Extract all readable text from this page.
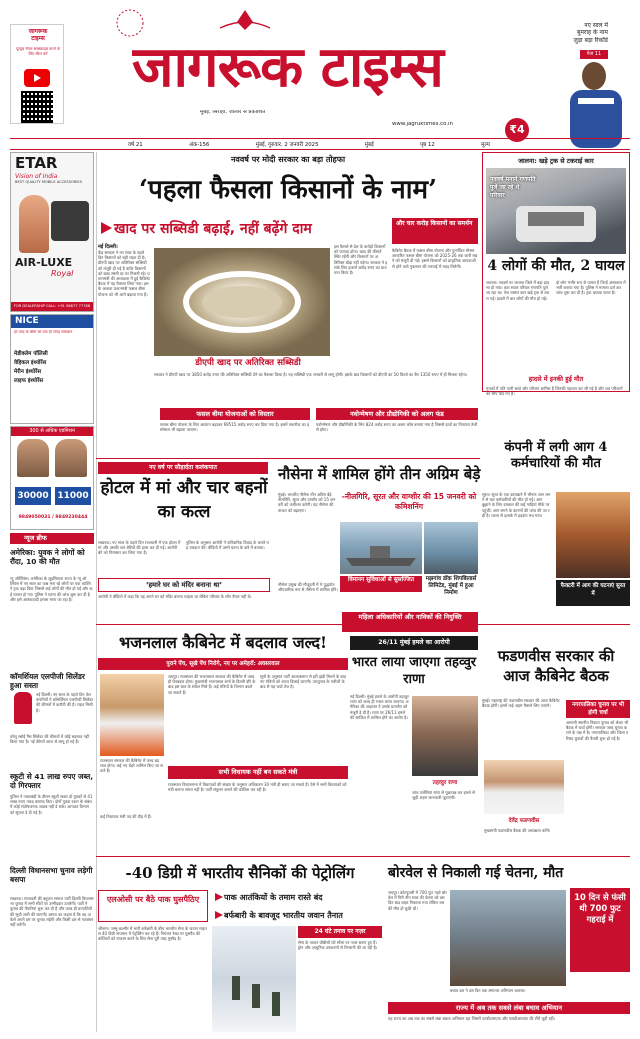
जागरूक
टाइम्स
यूट्यूब चैनल सब्सक्राइब करने के लिए स्कैन करें जागरूक टाइम्स
मुंबई, सिरोही, जालोर से प्रकाशित
www.jagruktimes.co.in	₹4
नए साल में
बुमराह के नाम
जुड़ा बड़ा रिकॉर्ड
पेज 11
वर्ष 21	अंक-156	मुंबई, गुरुवार, 2 जनवरी 2025	मुंबई	पृष्ठ 12	मूल्य
ETAR
Vision of India
BEST QUALITY MOBILE ACCESSORIES
AIR-LUXE
Royal
FOR DEALERSHIP CALL: +91 98677 77788
NICE
हर तरह के बीमा का एक ही जगह समाधान
मेडीक्लेम पॉलिसी
वेहिकल इंश्योरेंस
मेरीन इंश्योरेंस
लाइफ इंश्योरेंस
300 से अधिक एडमिशन
30000 11000
9849050031 / 9849230444
न्यूज ब्रीफ
अमेरिका: युवक ने लोगों को रौंदा, 10 की मौत
न्यू ऑर्लियंस। अमेरिका के लुइसियाना राज्य के न्यू ऑर्लियंस में नए साल का जश्न मना रहे लोगों पर एक व्यक्ति ने ट्रक चढ़ा दिया जिससे कई लोगों की मौत हो गई और कई घायल हो गए। पुलिस ने घटना की जांच शुरू कर दी है और इसे आतंकवादी हमला माना जा रहा है।
कॉमर्शियल एलपीजी सिलेंडर हुआ सस्ता
नई दिल्ली। नए साल के पहले दिन तेल कंपनियों ने कॉमर्शियल एलपीजी सिलेंडर की कीमतों में कटौती की है। राहत मिली है।
घरेलू रसोई गैस सिलेंडर की कीमतों में कोई बदलाव नहीं किया गया है। नई कीमतें आज से लागू हो गई हैं।
स्कूटी से 41 लाख रुपए जब्त, दो गिरफ्तार
पुलिस ने नाकाबंदी के दौरान स्कूटी सवार दो युवकों से 41 लाख रुपए नकद बरामद किए। दोनों युवक रकम के संबंध में कोई संतोषजनक जवाब नहीं दे सके। आयकर विभाग को सूचना दे दी गई है।
दिल्ली विधानसभा चुनाव लड़ेगी बसपा
लखनऊ। मायावती की बहुजन समाज पार्टी दिल्ली विधानसभा चुनाव में सभी सीटों पर उम्मीदवार उतारेगी। पार्टी ने चुनाव की तैयारियां शुरू कर दी हैं और जल्द ही प्रत्याशियों की सूची जारी की जाएगी। बसपा का कहना है कि वह अकेले अपने दम पर चुनाव लड़ेगी और किसी दल से गठबंधन नहीं करेगी।
नववर्ष पर मोदी सरकार का बड़ा तोहफा
‘पहला फैसला किसानों के नाम’
खाद पर सब्सिडी बढ़ाई, नहीं बढ़ेंगे दाम	और चार करोड़ किसानों का समर्थन
नई दिल्ली।
केंद्र सरकार ने नए साल के पहले दिन किसानों को बड़ी राहत दी है। डीएपी खाद पर अतिरिक्त सब्सिडी को मंजूरी दी गई है ताकि किसानों को खाद सस्ती दर पर मिलती रहे। प्रधानमंत्री की अध्यक्षता में हुई कैबिनेट बैठक में यह फैसला लिया गया। इसके अलावा प्रधानमंत्री फसल बीमा योजना को भी आगे बढ़ाया गया है।
डीएपी खाद पर अतिरिक्त सब्सिडी
इस फैसले से देश के करोड़ों किसानों को फायदा होगा। खाद की कीमतें स्थिर रहेंगी और किसानों पर अतिरिक्त बोझ नहीं पड़ेगा। सरकार ने इसके लिए हजारों करोड़ रुपए का प्रावधान किया है।
कैबिनेट बैठक में फसल बीमा योजना और पुनर्गठित मौसम आधारित फसल बीमा योजना को 2025-26 तक जारी रखने को मंजूरी दी गई। इससे किसानों को प्राकृतिक आपदाओं से होने वाले नुकसान की भरपाई में मदद मिलेगी।
सरकार ने डीएपी खाद पर 3850 करोड़ रुपए की अतिरिक्त सब्सिडी देने का फैसला किया है। यह सब्सिडी एक जनवरी से लागू होगी। इसके बाद किसानों को डीएपी का 50 किलो का बैग 1350 रुपए में ही मिलता रहेगा।
फसल बीमा योजनाओं को विस्तार	नवोन्मेषण और प्रौद्योगिकी को अलग फंड
फसल बीमा योजना के लिए आवंटन बढ़ाकर 69515 करोड़ रुपए कर दिया गया है। इसमें तकनीक का इस्तेमाल भी बढ़ाया जाएगा।
नवोन्मेषण और प्रौद्योगिकी के लिए 824 करोड़ रुपए का अलग कोष बनाया गया है जिससे दावों का निपटारा तेजी से होगा।
जालना: खड़े ट्रक से टकराई कार
नववर्ष मनाने गणपति पुले जा रहे थे परिवार
4 लोगों की मौत, 2 घायल
जालना। नववर्ष पर जालना जिले में बड़ा हादसा हो गया। कार सवार परिवार गणपति पुले जा रहा था। तेज रफ्तार कार खड़े ट्रक से टकरा गई। हादसे में चार लोगों की मौत हो गई।
दो लोग गंभीर रूप से घायल हैं जिन्हें अस्पताल में भर्ती कराया गया है। पुलिस ने मामला दर्ज कर जांच शुरू कर दी है। ट्रक चालक फरार है।
हादसे में इनकी हुई मौत
मृतकों में पति पत्नी बच्चे और परिजन शामिल हैं जिनकी पहचान कर ली गई है और शव परिजनों को सौंप दिए गए हैं।
नए वर्ष पर सौहार्दता कलंकपात
होटल में मां और चार बहनों का कत्ल
लखनऊ। नए साल के पहले दिन राजधानी में एक होटल में मां और उसकी चार बेटियों की हत्या कर दी गई। आरोपी बेटे को गिरफ्तार कर लिया गया है।
पुलिस के अनुसार आरोपी ने पारिवारिक विवाद के चलते यह वारदात की। वीडियो में उसने घटना के बारे में बताया।
‘हमारे घर को मंदिर बनाना था’
आरोपी ने वीडियो में कहा कि वह अपने घर को मंदिर बनाना चाहता था लेकिन परिवार के लोग तैयार नहीं थे।
नौसेना में शामिल होंगे तीन अग्रिम बेड़े
मुंबई। भारतीय नौसेना तीन अग्रिम बेड़े नीलगिरि, सूरत और वाग्शीर को 15 जनवरी को कमीशन करेगी। यह नौसेना की ताकत को बढ़ाएगा।
-नीलगिरि, सूरत और वाग्शीर की 15 जनवरी को कमिशनिंग
विमानन सुविधाओं से सुसज्जित	मझगांव डॉक शिपबिल्डर्स लिमिटेड, मुंबई में हुआ निर्माण
नौसेना प्रमुख की मौजूदगी में ये युद्धपोत औपचारिक रूप से नौसेना में शामिल होंगे।
महिला अधिकारियों और नाविकों की नियुक्ति
कंपनी में लगी आग 4 कर्मचारियों की मौत
सूरत। सूरत के एक कारखाने में भीषण आग लगने से चार कर्मचारियों की मौत हो गई। आग बुझाने के लिए दमकल की कई गाड़ियां मौके पर पहुंचीं। आग लगने के कारणों की जांच की जा रही है। घटना से इलाके में हड़कंप मच गया।
फैक्टरी में आग की घटनाएं सुरत में
भजनलाल कैबिनेट में बदलाव जल्द!
पुराने पेंच, सूखे पेंच निरोगे, नए पर अमेहरों: अवसरवाल
राजस्थान सरकार की कैबिनेट में जल्द बदलाव होगा। कई नए चेहरे शामिल किए जा सकते हैं।
जयपुर। राजस्थान की भजनलाल सरकार की कैबिनेट में जल्द ही फेरबदल होगा। मुख्यमंत्री भजनलाल शर्मा के दिल्ली दौरे के बाद इस बात के संकेत मिले हैं। कई मंत्रियों के विभाग बदले जा सकते हैं।
सूत्रों के अनुसार पार्टी आलाकमान से हरी झंडी मिलने के बाद नए मंत्रियों को शपथ दिलाई जाएगी। उपचुनाव के नतीजों के बाद से यह चर्चा तेज है।
सभी विधायक नहीं बन सकते मंत्री
राजस्थान विधानसभा में विधायकों की संख्या के अनुसार अधिकतम 30 मंत्री ही बनाए जा सकते हैं। ऐसे में सभी विधायकों को मंत्री बनाना संभव नहीं है। पार्टी संतुलन बनाने की कोशिश कर रही है।
कई विधायक मंत्री पद की दौड़ में हैं।
26/11 मुंबई हमले का आरोपी
भारत लाया जाएगा तहव्वुर राणा
नई दिल्ली। मुंबई हमले के आरोपी तहव्वुर राणा को जल्द ही भारत लाया जाएगा। अमेरिका की अदालत ने उसके प्रत्यर्पण को मंजूरी दे दी है। राणा पर 26/11 हमले की साजिश में शामिल होने का आरोप है।
तहव्वुर राणा
जांच एजेंसियां राणा से पूछताछ कर हमले से जुड़ी अहम जानकारी जुटाएंगी।
फडणवीस सरकार की आज कैबिनेट बैठक
मुंबई। महाराष्ट्र की फडणवीस सरकार की आज कैबिनेट बैठक होगी। इसमें कई अहम फैसले लिए जाएंगे।	नगरपालिका चुनाव पर भी होगी चर्चा
आगामी स्थानीय निकाय चुनाव को लेकर भी बैठक में चर्चा होगी। सरकार जल्द चुनाव कराने के पक्ष में है। नगरपालिका और जिला परिषद चुनावों की तैयारी शुरू हो गई है।
देवेंद्र फडणवीस
मुख्यमंत्री फडणवीस बैठक की अध्यक्षता करेंगे।
-40 डिग्री में भारतीय सैनिकों की पेट्रोलिंग
एलओसी पर बैठे पाक घुसपैठिए	पाक आतंकियों के तमाम रास्ते बंद
बर्फबारी के बावजूद भारतीय जवान तैनात
श्रीनगर। जम्मू-कश्मीर में भारी बर्फबारी के बीच भारतीय सेना के जवान माइनस 40 डिग्री तापमान में पेट्रोलिंग कर रहे हैं। नियंत्रण रेखा पर घुसपैठ की कोशिशों को नाकाम करने के लिए सेना पूरी तरह मुस्तैद है।
24 घंटे तनाव पर नज़र
सेना के जवान चौबीसों घंटे सीमा पर नजर बनाए हुए हैं। ड्रोन और आधुनिक उपकरणों से निगरानी की जा रही है।
बोरवेल से निकाली गई चेतना, मौत
जयपुर। कोटपूतली में 700 फुट गहरे बोरवेल में गिरी तीन साल की चेतना को दस दिन बाद बाहर निकाला गया लेकिन उसकी मौत हो चुकी थी।
10 दिन से फंसी थी 700 फुट गहराई में
बचाव दल ने दस दिन तक लगातार अभियान चलाया।
राज्य में अब तक सबसे लंबा बचाव अभियान
यह राज्य का अब तक का सबसे लंबा बचाव अभियान रहा जिसमें एनडीआरएफ और एसडीआरएफ की टीमें जुटी रहीं।
